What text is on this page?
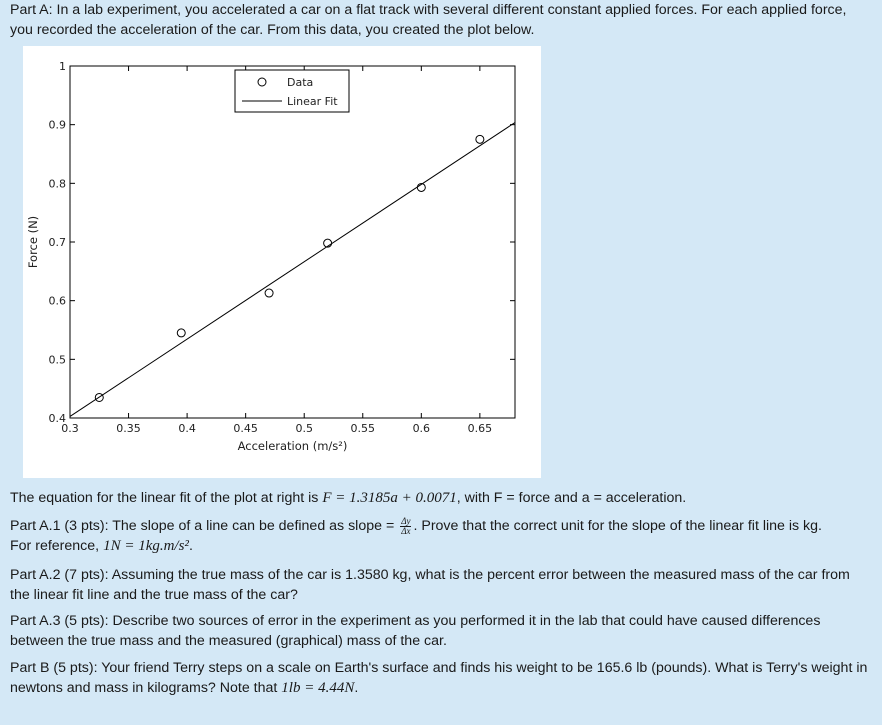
Part A: In a lab experiment, you accelerated a car on a flat track with several different constant applied forces. For each applied force, you recorded the acceleration of the car. From this data, you created the plot below.

0.3	0.35	0.4	0.45	0.5	0.55	0.6	0.65
0.4
0.5
0.6
0.7
0.8
0.9
1
Acceleration (m/s²)
Force (N)
Data
Linear Fit

The equation for the linear fit of the plot at right is F = 1.3185a + 0.0071, with F = force and a = acceleration.

Part A.1 (3 pts): The slope of a line can be defined as slope = $\frac{\Delta y}{\Delta x}$ . Prove that the correct unit for the slope of the linear fit line is kg.
For reference, 1N = 1kg.m/s².

Part A.2 (7 pts): Assuming the true mass of the car is 1.3580 kg, what is the percent error between the measured mass of the car from the linear fit line and the true mass of the car?

Part A.3 (5 pts): Describe two sources of error in the experiment as you performed it in the lab that could have caused differences between the true mass and the measured (graphical) mass of the car.

Part B (5 pts): Your friend Terry steps on a scale on Earth's surface and finds his weight to be 165.6 lb (pounds). What is Terry's weight in newtons and mass in kilograms? Note that 1lb = 4.44N.
